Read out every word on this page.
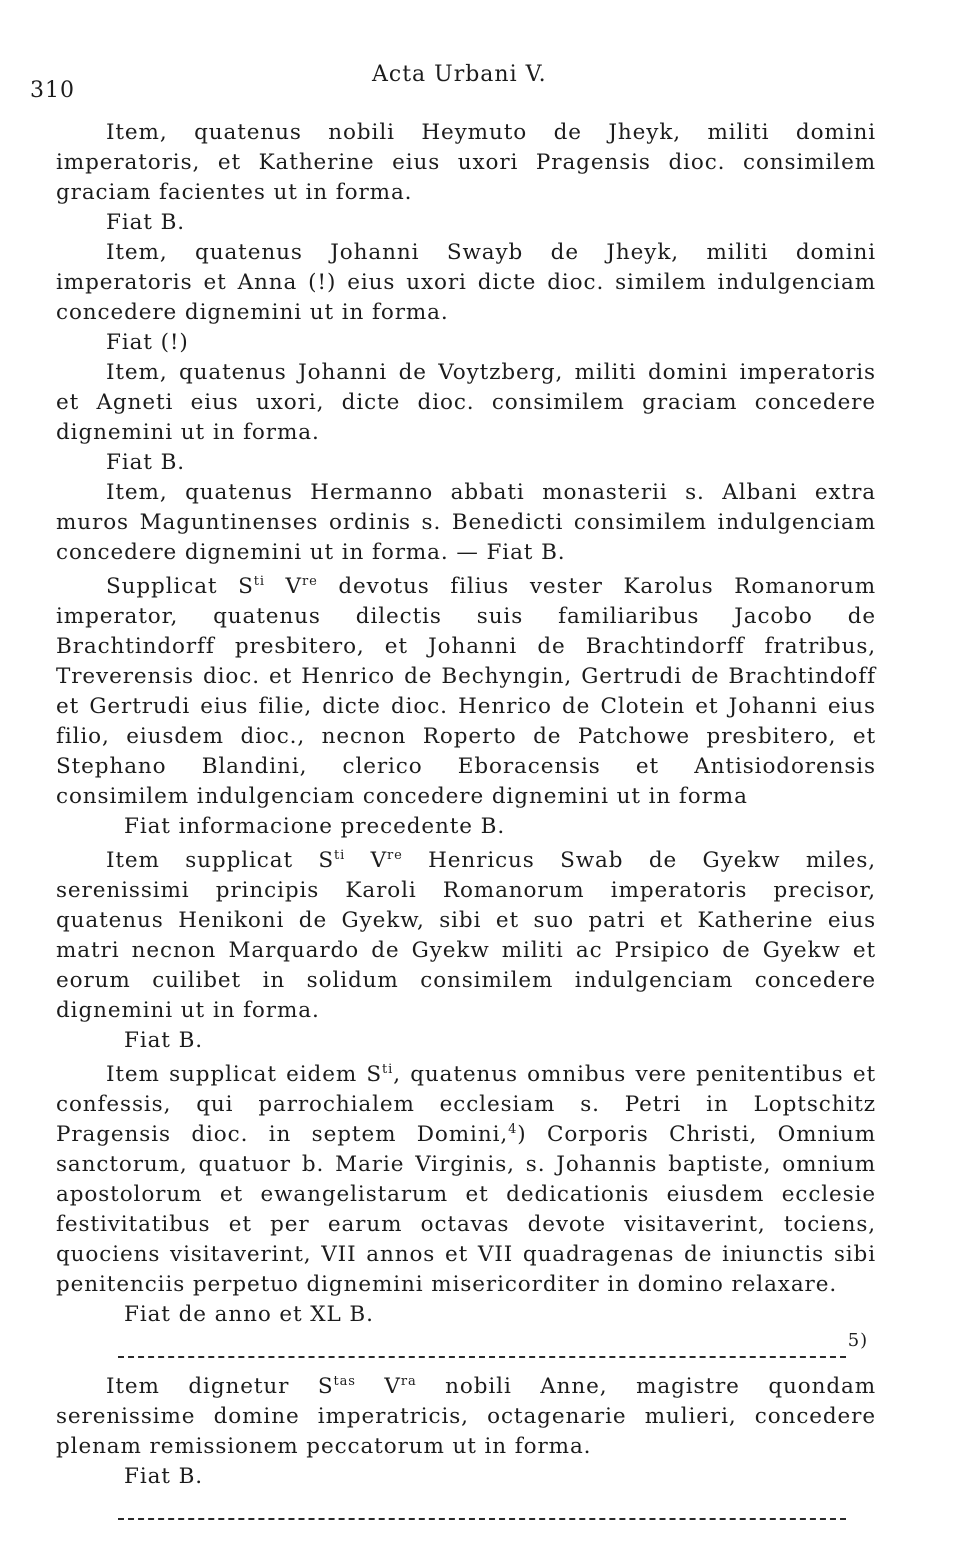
310
Acta Urbani V.

Item, quatenus nobili Heymuto de Jheyk, militi domini imperatoris, et Katherine eius uxori Pragensis dioc. consimilem graciam facientes ut in forma.

Fiat B.

Item, quatenus Johanni Swayb de Jheyk, militi domini imperatoris et Anna (!) eius uxori dicte dioc. similem indulgenciam concedere dignemini ut in forma.

Fiat (!)

Item, quatenus Johanni de Voytzberg, militi domini imperatoris et Agneti eius uxori, dicte dioc. consimilem graciam concedere dignemini ut in forma.

Fiat B.

Item, quatenus Hermanno abbati monasterii s. Albani extra muros Maguntinenses ordinis s. Benedicti consimilem indulgenciam concedere dignemini ut in forma. — Fiat B.

Supplicat $S^{ti}$ Vre devotus filius vester Karolus Romanorum imperator, quatenus dilectis suis familiaribus Jacobo de Brachtindorff presbitero, et Johanni de Brachtindorff fratribus, Treverensis dioc. et Henrico de Bechyngin, Gertrudi de Brachtindoff et Gertrudi eius filie, dicte dioc. Henrico de Clotein et Johanni eius filio, eiusdem dioc., necnon Roperto de Patchowe presbitero, et Stephano Blandini, clerico Eboracensis et Antisiodorensis consimilem indulgenciam concedere dignemini ut in forma

Fiat informacione precedente B.

Item supplicat $S^{ti}$ Vre Henricus Swab de Gyekw miles, serenissimi principis Karoli Romanorum imperatoris precisor, quatenus Henikoni de Gyekw, sibi et suo patri et Katherine eius matri necnon Marquardo de Gyekw militi ac Prsipico de Gyekw et eorum cuilibet in solidum consimilem indulgenciam concedere dignemini ut in forma.

Fiat B.

Item supplicat eidem $S^{ti}$, quatenus omnibus vere penitentibus et confessis, qui parrochialem ecclesiam s. Petri in Loptschitz Pragensis dioc. in septem Domini,$^4$) Corporis Christi, Omnium sanctorum, quatuor b. Marie Virginis, s. Johannis baptiste, omnium apostolorum et ewangelistarum et dedicationis eiusdem ecclesie festivitatibus et per earum octavas devote visitaverint, tociens, quociens visitaverint, VII annos et VII quadragenas de iniunctis sibi penitenciis perpetuo dignemini misericorditer in domino relaxare.

Fiat de anno et XL B.

5)

Item dignetur $S^{tas}$ $V^{ra}$ nobili Anne, magistre quondam serenissime domine imperatricis, octagenarie mulieri, concedere plenam remissionem peccatorum ut in forma.

Fiat B.
